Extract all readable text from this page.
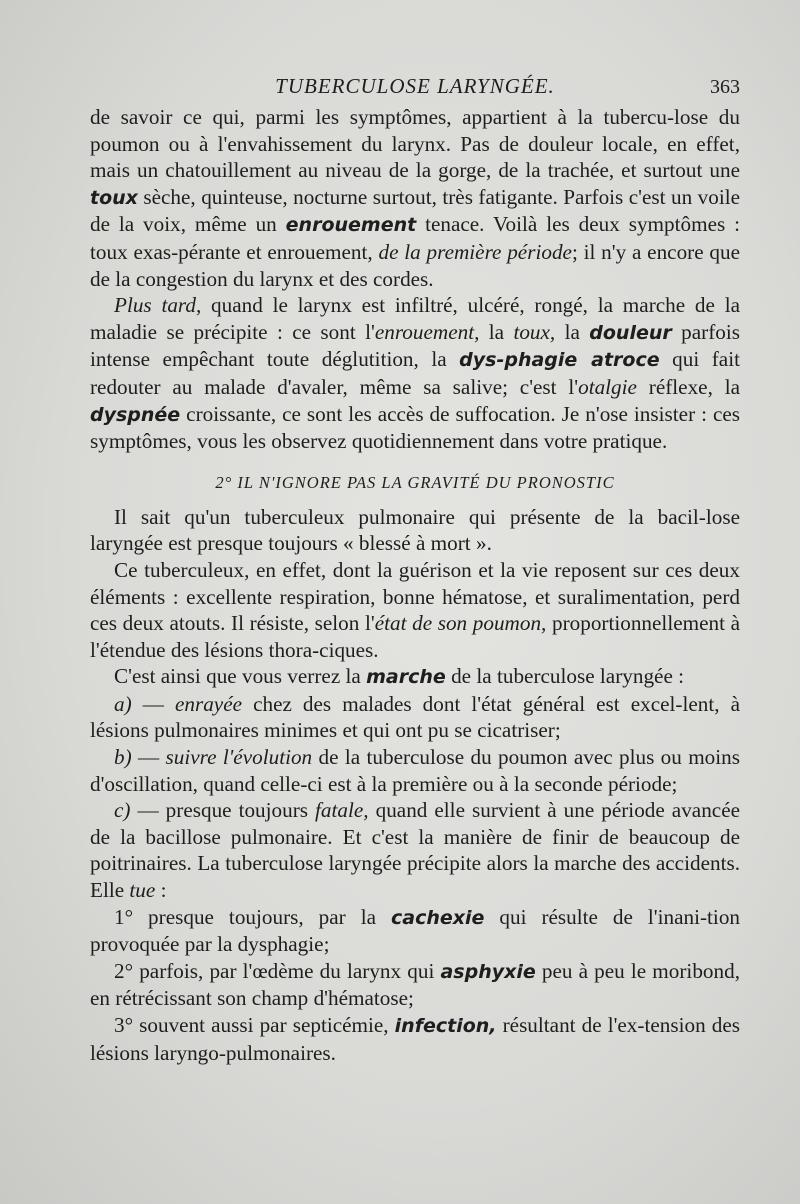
TUBERCULOSE LARYNGÉE.	363

de savoir ce qui, parmi les symptômes, appartient à la tubercu-lose du poumon ou à l'envahissement du larynx. Pas de douleur locale, en effet, mais un chatouillement au niveau de la gorge, de la trachée, et surtout une toux sèche, quinteuse, nocturne surtout, très fatigante. Parfois c'est un voile de la voix, même un enrouement tenace. Voilà les deux symptômes : toux exas-pérante et enrouement, de la première période; il n'y a encore que de la congestion du larynx et des cordes.

Plus tard, quand le larynx est infiltré, ulcéré, rongé, la marche de la maladie se précipite : ce sont l'enrouement, la toux, la douleur parfois intense empêchant toute déglutition, la dys-phagie atroce qui fait redouter au malade d'avaler, même sa salive; c'est l'otalgie réflexe, la dyspnée croissante, ce sont les accès de suffocation. Je n'ose insister : ces symptômes, vous les observez quotidiennement dans votre pratique.

2° IL N'IGNORE PAS LA GRAVITÉ DU PRONOSTIC

Il sait qu'un tuberculeux pulmonaire qui présente de la bacil-lose laryngée est presque toujours « blessé à mort ».

Ce tuberculeux, en effet, dont la guérison et la vie reposent sur ces deux éléments : excellente respiration, bonne hématose, et suralimentation, perd ces deux atouts. Il résiste, selon l'état de son poumon, proportionnellement à l'étendue des lésions thora-ciques.

C'est ainsi que vous verrez la marche de la tuberculose laryngée :

a) — enrayée chez des malades dont l'état général est excel-lent, à lésions pulmonaires minimes et qui ont pu se cicatriser;

b) — suivre l'évolution de la tuberculose du poumon avec plus ou moins d'oscillation, quand celle-ci est à la première ou à la seconde période;

c) — presque toujours fatale, quand elle survient à une période avancée de la bacillose pulmonaire. Et c'est la manière de finir de beaucoup de poitrinaires. La tuberculose laryngée précipite alors la marche des accidents. Elle tue :

1° presque toujours, par la cachexie qui résulte de l'inani-tion provoquée par la dysphagie;

2° parfois, par l'œdème du larynx qui asphyxie peu à peu le moribond, en rétrécissant son champ d'hématose;

3° souvent aussi par septicémie, infection, résultant de l'ex-tension des lésions laryngo-pulmonaires.
